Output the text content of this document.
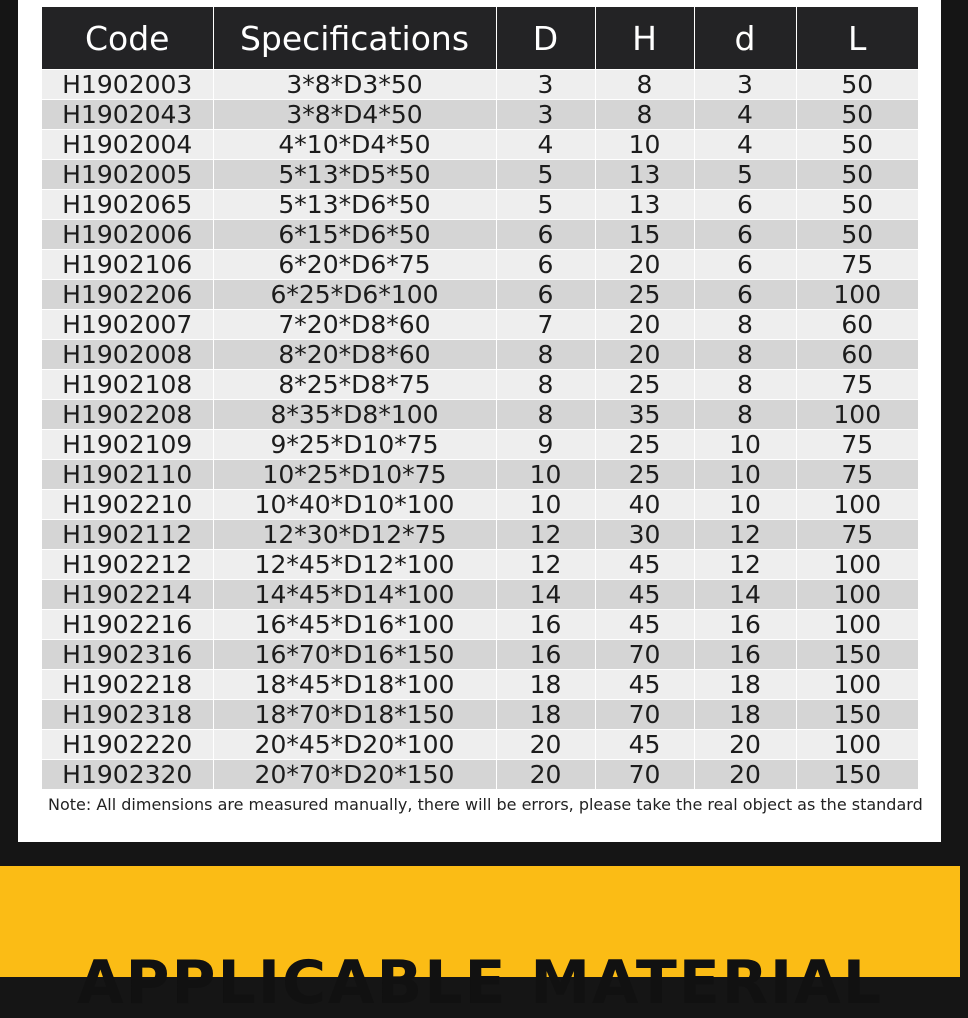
Code	Specifications	D	H	d	L
H1902003	3*8*D3*50	3	8	3	50
H1902043	3*8*D4*50	3	8	4	50
H1902004	4*10*D4*50	4	10	4	50
H1902005	5*13*D5*50	5	13	5	50
H1902065	5*13*D6*50	5	13	6	50
H1902006	6*15*D6*50	6	15	6	50
H1902106	6*20*D6*75	6	20	6	75
H1902206	6*25*D6*100	6	25	6	100
H1902007	7*20*D8*60	7	20	8	60
H1902008	8*20*D8*60	8	20	8	60
H1902108	8*25*D8*75	8	25	8	75
H1902208	8*35*D8*100	8	35	8	100
H1902109	9*25*D10*75	9	25	10	75
H1902110	10*25*D10*75	10	25	10	75
H1902210	10*40*D10*100	10	40	10	100
H1902112	12*30*D12*75	12	30	12	75
H1902212	12*45*D12*100	12	45	12	100
H1902214	14*45*D14*100	14	45	14	100
H1902216	16*45*D16*100	16	45	16	100
H1902316	16*70*D16*150	16	70	16	150
H1902218	18*45*D18*100	18	45	18	100
H1902318	18*70*D18*150	18	70	18	150
H1902220	20*45*D20*100	20	45	20	100
H1902320	20*70*D20*150	20	70	20	150
Note: All dimensions are measured manually, there will be errors, please take the real object as the standard
APPLICABLE MATERIAL
